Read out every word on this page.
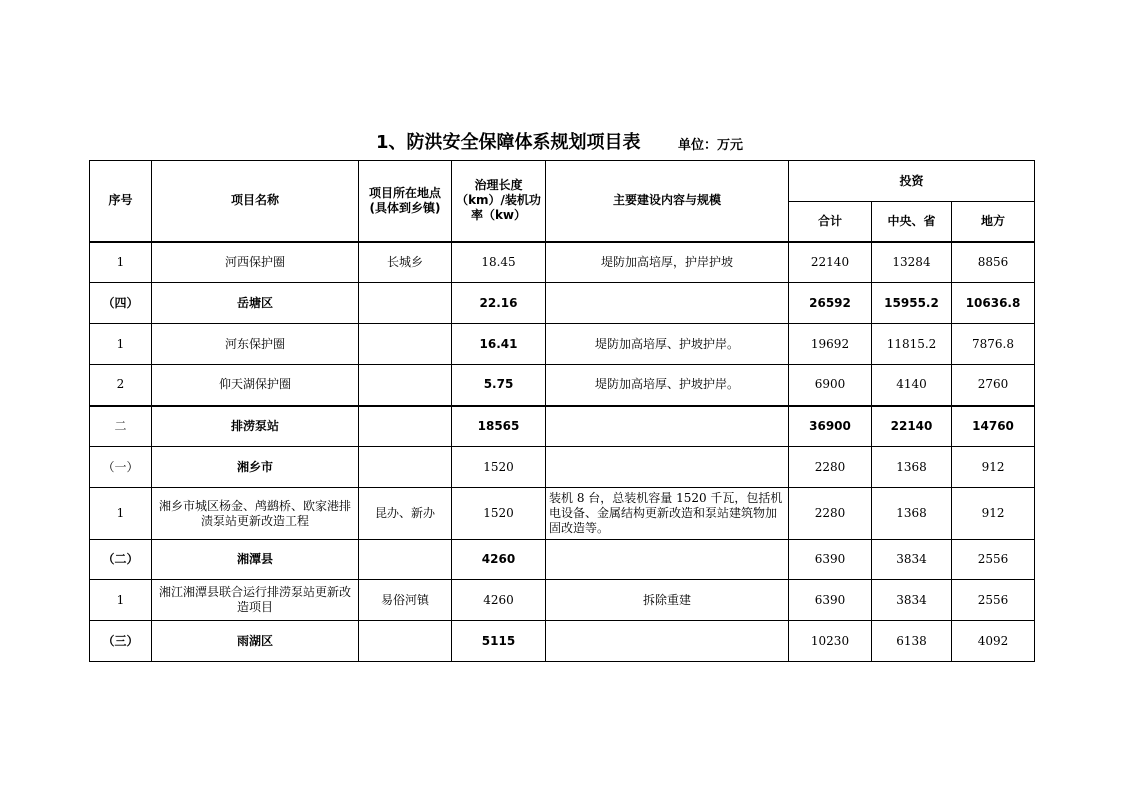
1、防洪安全保障体系规划项目表	单位：万元
序号	项目名称	项目所在地点(具体到乡镇)	治理长度（km）/装机功率（kw）	主要建设内容与规模	投资		
					合计	中央、省	地方
1	河西保护圈	长城乡	18.45	堤防加高培厚，护岸护坡	22140	13284	8856
（四）	岳塘区		22.16		26592	15955.2	10636.8
1	河东保护圈		16.41	堤防加高培厚、护坡护岸。	19692	11815.2	7876.8
2	仰天湖保护圈		5.75	堤防加高培厚、护坡护岸。	6900	4140	2760
二	排涝泵站		18565		36900	22140	14760
（一）	湘乡市		1520		2280	1368	912
1	湘乡市城区杨金、鸬鹚桥、欧家港排渍泵站更新改造工程	昆办、新办	1520	装机 8 台，总装机容量 1520 千瓦，包括机电设备、金属结构更新改造和泵站建筑物加固改造等。	2280	1368	912
（二）	湘潭县		4260		6390	3834	2556
1	湘江湘潭县联合运行排涝泵站更新改造项目	易俗河镇	4260	拆除重建	6390	3834	2556
（三）	雨湖区		5115		10230	6138	4092
